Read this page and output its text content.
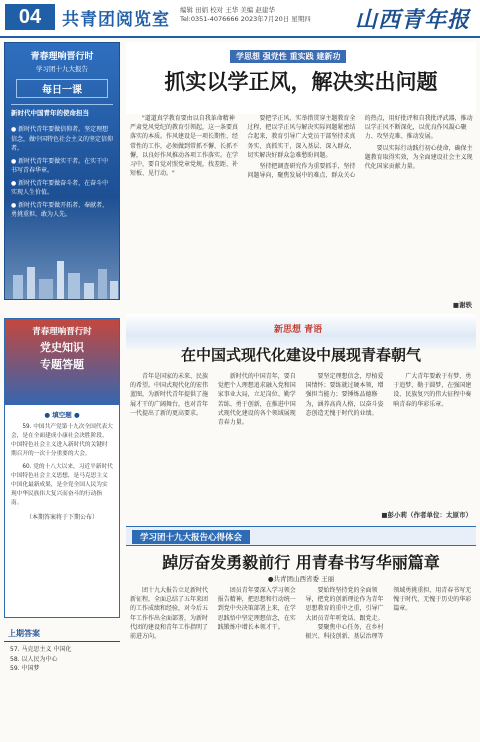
04	共青团阅览室 编辑 田娟 校对 王华 美编 赵建华
Tel:0351-4076666 2023年7月20日 星期四 山西青年报
青春理响晋行时
学习团十九大报告
每日一课
新时代中国青年的使命担当

● 新时代青年要做信仰者。坚定理想信念，做中国特色社会主义的坚定信仰者。

● 新时代青年要做实干者。在实干中书写青春华章。

● 新时代青年要做奋斗者，在奋斗中实现人生价值。

● 新时代青年要做开拓者、奉献者，勇挑重担、敢为人先。

青春理响晋行时

党史知识

专题答题

● 填空题 ●

59. 中国共产党第十九次全国代表大会，是在全面建成小康社会决胜阶段、中国特色社会主义进入新时代的关键时期召开的一次十分重要的大会。

60. 党的十八大以来，习近平新时代中国特色社会主义思想，是马克思主义中国化最新成果，是全党全国人民为实现中华民族伟大复兴而奋斗的行动指南。

（本期答案将于下期公布）
上期答案
57. 马克思主义 中国化
58. 以人民为中心
59. 中国梦
学思想 强党性 重实践 建新功
抓实以学正风，解决实出问题

"道道真学教育要由以自我革命精神严肃党风党纪的教育引领起，这一条要真落实的本质。作风建设是一项长期性、经常性的工作，必须做到常抓不懈、长抓不懈，以良好作风推动各项工作落实。在学习中，要自觉对照党章党规，找差距、补短板、见行动。"

要把学正风、实举措贯穿主题教育全过程，把以学正风与解决实际问题紧密结合起来，教育引导广大党员干部坚持求真务实、真抓实干，深入基层、深入群众，切实解决好群众急难愁盼问题。

坚持把调查研究作为重要抓手，坚持问题导向，聚焦发展中的难点、群众关心的热点，用好批评和自我批评武器，推动以学正风不断深化，以优良作风凝心聚力、攻坚克难、推动发展。

要以实际行动践行初心使命，确保主题教育取得实效，为全面建设社会主义现代化国家贡献力量。

■谢轶
新思想 青语
在中国式现代化建设中展现青春朝气

青年是国家的未来、民族的希望。中国式现代化的宏伟蓝图，为新时代青年提供了施展才干的广阔舞台，也对青年一代提出了新的更高要求。

新时代的中国青年，要自觉把个人理想追求融入党和国家事业大局，立足岗位、勤学苦练、勇于创新，在推进中国式现代化建设的各个领域展现青春力量。

要坚定理想信念，厚植爱国情怀；要练就过硬本领，增强担当能力；要锤炼品德修为，涵养高尚人格，以奋斗姿态创造无愧于时代的业绩。

广大青年要敢于有梦、勇于追梦、勤于圆梦，在强国建设、民族复兴的伟大征程中奏响青春的华彩乐章。

■彭小莉（作者单位：太原市）
学习团十九大报告心得体会
踔厉奋发勇毅前行 用青春书写华丽篇章
●共青团山西省委 王丽

团十九大报告立足新时代新征程，全面总结了五年来团的工作成绩和经验，对今后五年工作作出全面部署，为新时代团的建设和青年工作指明了前进方向。

团员青年要深入学习领会报告精神，把思想和行动统一到党中央决策部署上来，在学思践悟中坚定理想信念，在实践锻炼中增长本领才干。

要始终坚持党的全面领导，把党的创新理论作为青年思想教育的重中之重，引导广大团员青年听党话、跟党走。

要聚焦中心任务，在乡村振兴、科技创新、基层治理等领域勇挑重担，用青春书写无愧于时代、无愧于历史的华彩篇章。
